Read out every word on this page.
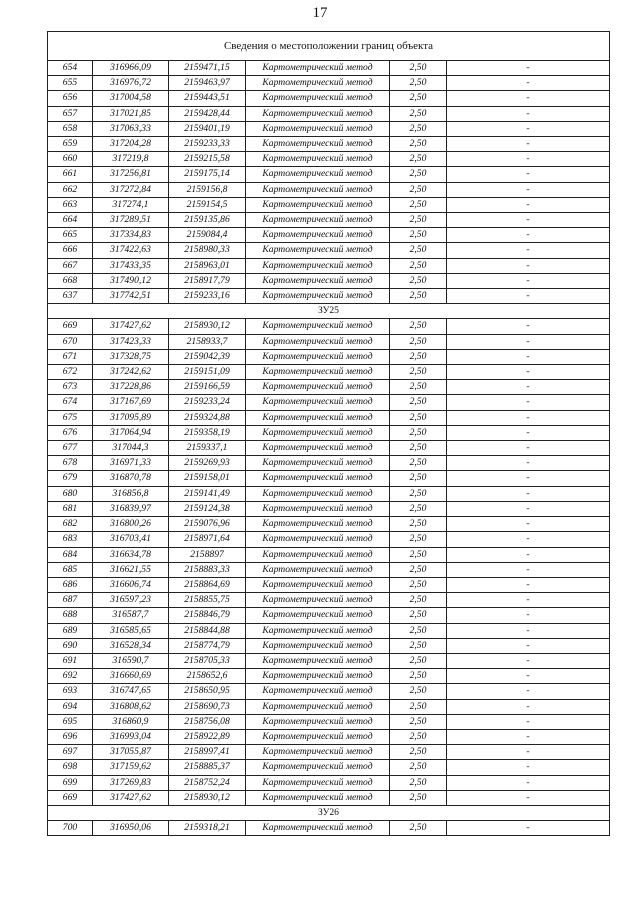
17
Сведения о местоположении границ объекта					
654	316966,09	2159471,15	Картометрический метод	2,50	-
655	316976,72	2159463,97	Картометрический метод	2,50	-
656	317004,58	2159443,51	Картометрический метод	2,50	-
657	317021,85	2159428,44	Картометрический метод	2,50	-
658	317063,33	2159401,19	Картометрический метод	2,50	-
659	317204,28	2159233,33	Картометрический метод	2,50	-
660	317219,8	2159215,58	Картометрический метод	2,50	-
661	317256,81	2159175,14	Картометрический метод	2,50	-
662	317272,84	2159156,8	Картометрический метод	2,50	-
663	317274,1	2159154,5	Картометрический метод	2,50	-
664	317289,51	2159135,86	Картометрический метод	2,50	-
665	317334,83	2159084,4	Картометрический метод	2,50	-
666	317422,63	2158980,33	Картометрический метод	2,50	-
667	317433,35	2158963,01	Картометрический метод	2,50	-
668	317490,12	2158917,79	Картометрический метод	2,50	-
637	317742,51	2159233,16	Картометрический метод	2,50	-
ЗУ25					
669	317427,62	2158930,12	Картометрический метод	2,50	-
670	317423,33	2158933,7	Картометрический метод	2,50	-
671	317328,75	2159042,39	Картометрический метод	2,50	-
672	317242,62	2159151,09	Картометрический метод	2,50	-
673	317228,86	2159166,59	Картометрический метод	2,50	-
674	317167,69	2159233,24	Картометрический метод	2,50	-
675	317095,89	2159324,88	Картометрический метод	2,50	-
676	317064,94	2159358,19	Картометрический метод	2,50	-
677	317044,3	2159337,1	Картометрический метод	2,50	-
678	316971,33	2159269,93	Картометрический метод	2,50	-
679	316870,78	2159158,01	Картометрический метод	2,50	-
680	316856,8	2159141,49	Картометрический метод	2,50	-
681	316839,97	2159124,38	Картометрический метод	2,50	-
682	316800,26	2159076,96	Картометрический метод	2,50	-
683	316703,41	2158971,64	Картометрический метод	2,50	-
684	316634,78	2158897	Картометрический метод	2,50	-
685	316621,55	2158883,33	Картометрический метод	2,50	-
686	316606,74	2158864,69	Картометрический метод	2,50	-
687	316597,23	2158855,75	Картометрический метод	2,50	-
688	316587,7	2158846,79	Картометрический метод	2,50	-
689	316585,65	2158844,88	Картометрический метод	2,50	-
690	316528,34	2158774,79	Картометрический метод	2,50	-
691	316590,7	2158705,33	Картометрический метод	2,50	-
692	316660,69	2158652,6	Картометрический метод	2,50	-
693	316747,65	2158650,95	Картометрический метод	2,50	-
694	316808,62	2158690,73	Картометрический метод	2,50	-
695	316860,9	2158756,08	Картометрический метод	2,50	-
696	316993,04	2158922,89	Картометрический метод	2,50	-
697	317055,87	2158997,41	Картометрический метод	2,50	-
698	317159,62	2158885,37	Картометрический метод	2,50	-
699	317269,83	2158752,24	Картометрический метод	2,50	-
669	317427,62	2158930,12	Картометрический метод	2,50	-
ЗУ26					
700	316950,06	2159318,21	Картометрический метод	2,50	-
